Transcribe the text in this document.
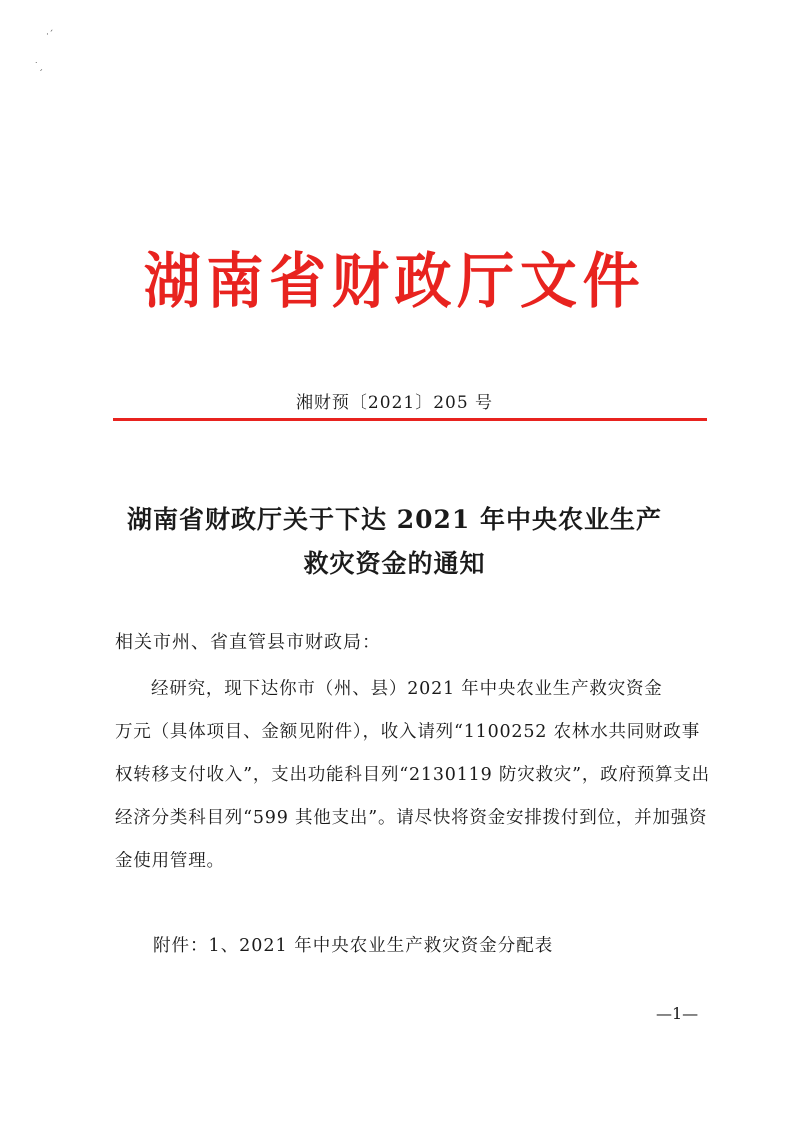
·ˊ
˙ˏ
湖南省财政厅文件
湘财预〔2021〕205 号
湖南省财政厅关于下达 2021 年中央农业生产
救灾资金的通知
相关市州、省直管县市财政局：

经研究，现下达你市（州、县）2021 年中央农业生产救灾资金      万元（具体项目、金额见附件），收入请列“1100252 农林水共同财政事权转移支付收入”，支出功能科目列“2130119 防灾救灾”，政府预算支出经济分类科目列“599 其他支出”。请尽快将资金安排拨付到位，并加强资金使用管理。

附件：1、2021 年中央农业生产救灾资金分配表
—1—
